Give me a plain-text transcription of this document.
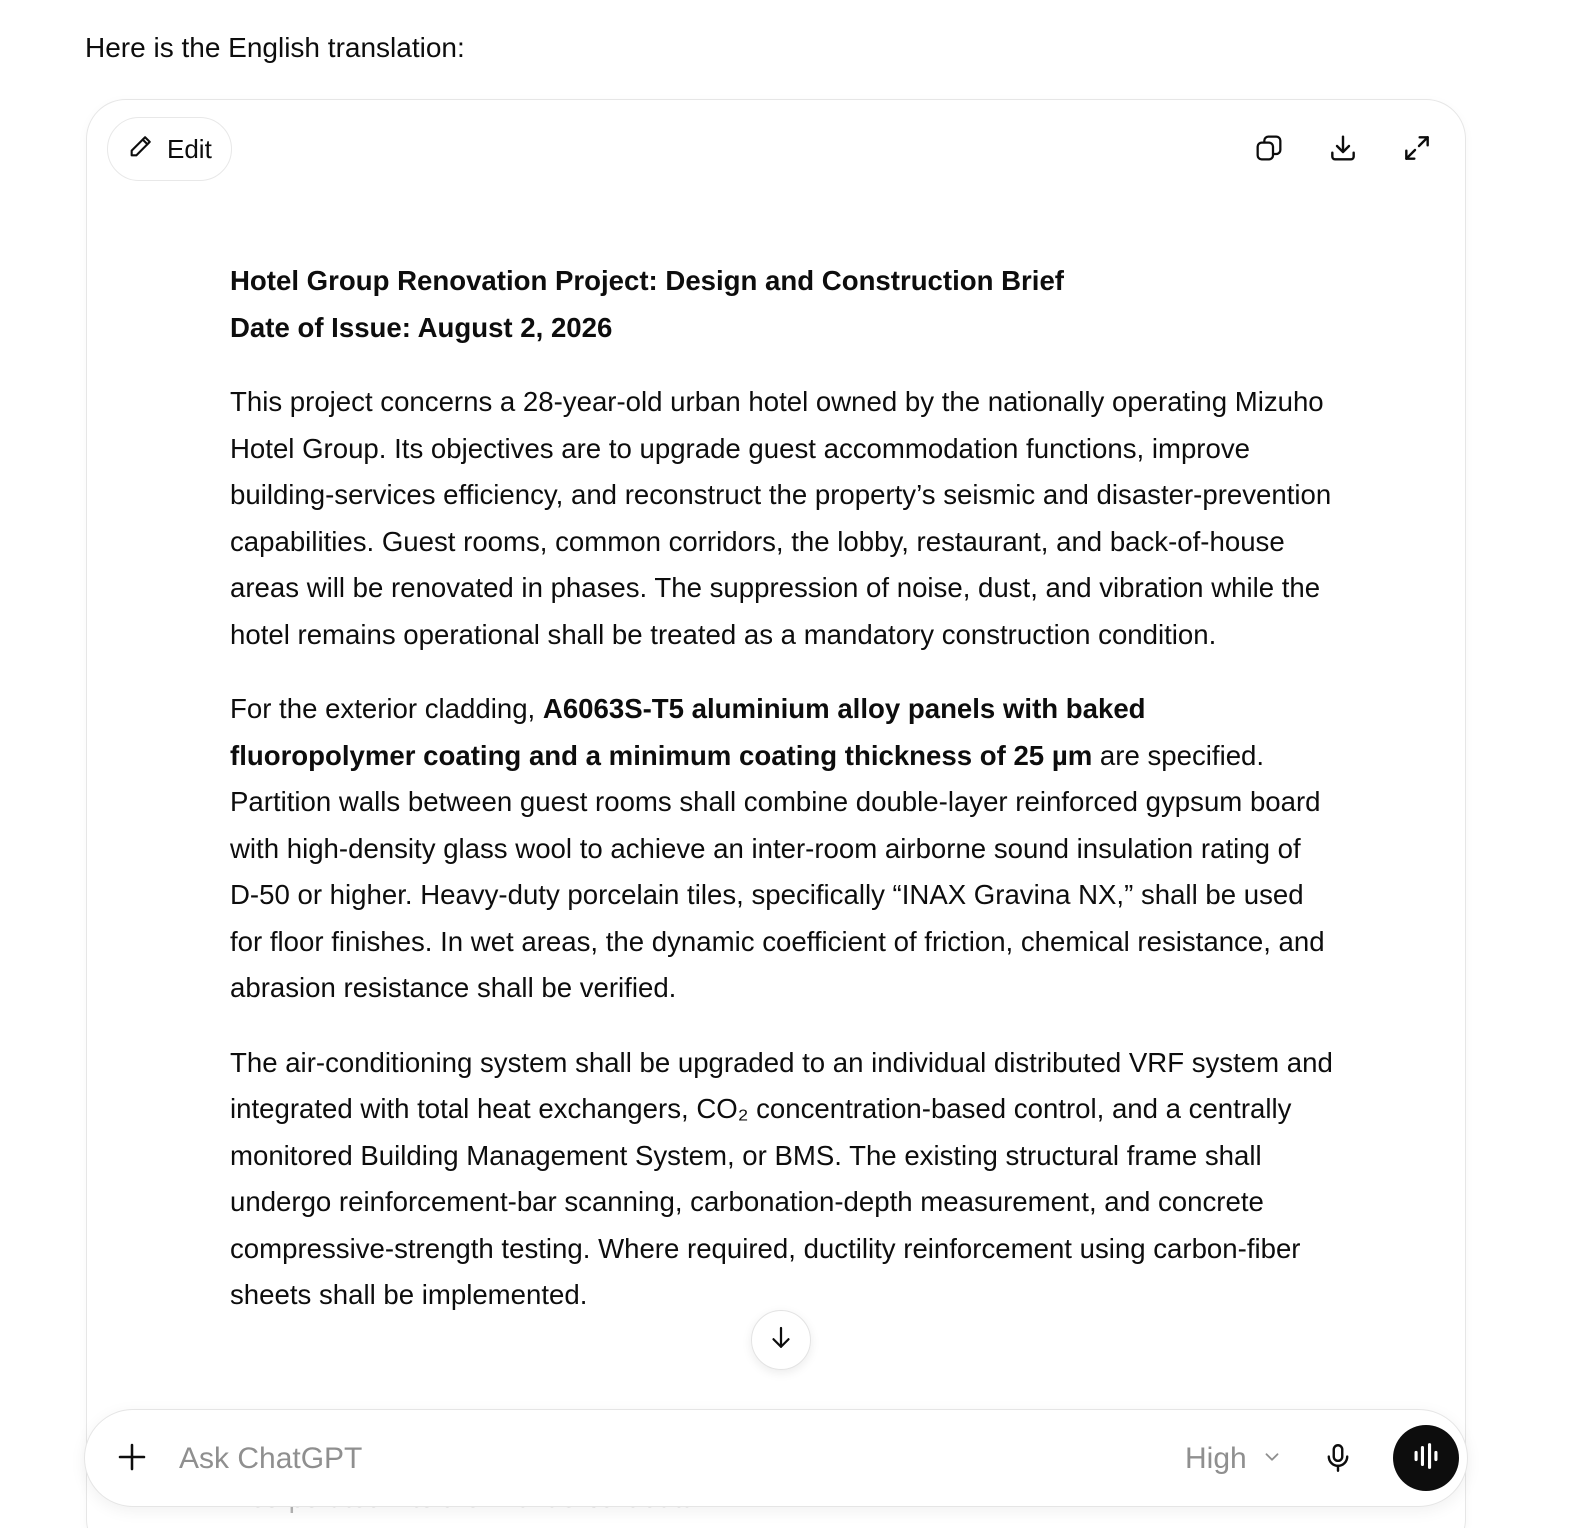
Here is the English translation:
Edit
Hotel Group Renovation Project: Design and Construction Brief
Date of Issue: August 2, 2026

This project concerns a 28-year-old urban hotel owned by the nationally operating Mizuho Hotel Group. Its objectives are to upgrade guest accommodation functions, improve building-services efficiency, and reconstruct the property’s seismic and disaster-prevention capabilities. Guest rooms, common corridors, the lobby, restaurant, and back-of-house areas will be renovated in phases. The suppression of noise, dust, and vibration while the hotel remains operational shall be treated as a mandatory construction condition.

For the exterior cladding, A6063S-T5 aluminium alloy panels with baked fluoropolymer coating and a minimum coating thickness of 25 µm are specified. Partition walls between guest rooms shall combine double-layer reinforced gypsum board with high-density glass wool to achieve an inter-room airborne sound insulation rating of D-50 or higher. Heavy-duty porcelain tiles, specifically “INAX Gravina NX,” shall be used for floor finishes. In wet areas, the dynamic coefficient of friction, chemical resistance, and abrasion resistance shall be verified.

The air-conditioning system shall be upgraded to an individual distributed VRF system and integrated with total heat exchangers, CO₂ concentration-based control, and a centrally monitored Building Management System, or BMS. The existing structural frame shall undergo reinforcement-bar scanning, carbonation-depth measurement, and concrete compressive-strength testing. Where required, ductility reinforcement using carbon-fiber sheets shall be implemented.

Ask ChatGPT
High
